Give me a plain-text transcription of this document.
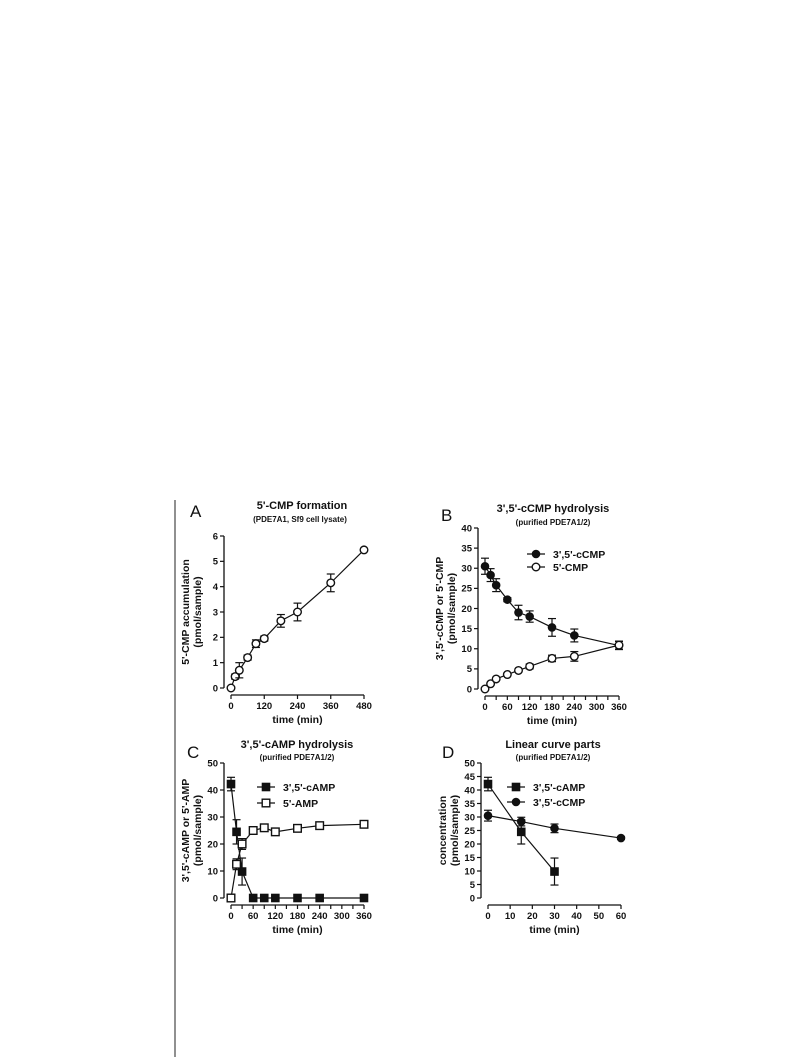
A	5'-CMP formation
(PDE7A1, Sf9 cell lysate)
0
1
2
3
4
5
6
0 120 240 360 480
time (min)
5'-CMP accumulation (pmol/sample)
B	3',5'-cCMP hydrolysis
(purified PDE7A1/2)
0
5
10
15
20
25
30
35
40
0 60 120 180 240 300 360
time (min)
3',5'-cCMP or 5'-CMP (pmol/sample)
3',5'-cCMP
5'-CMP
C	3',5'-cAMP hydrolysis
(purified PDE7A1/2)
0
10
20
30
40
50
0 60 120 180 240 300 360
time (min)
3',5'-cAMP or 5'-AMP (pmol/sample)
3',5'-cAMP
5'-AMP
D	Linear curve parts
(purified PDE7A1/2)
0
5
10
15
20
25
30
35
40
45
50
0 10 20 30 40 50 60
time (min)
concentration (pmol/sample)
3',5'-cAMP
3',5'-cCMP
